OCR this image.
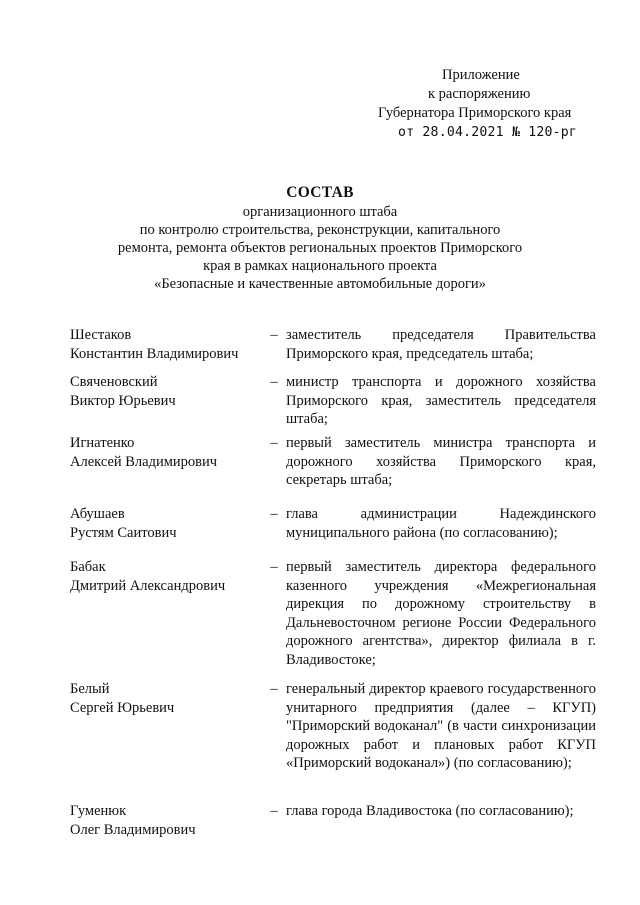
Приложение
к распоряжению
Губернатора Приморского края
от 28.04.2021 № 120-рг
СОСТАВ
организационного штаба
по контролю строительства, реконструкции, капитального
ремонта, ремонта объектов региональных проектов Приморского
края в рамках национального проекта
«Безопасные и качественные автомобильные дороги»
Шестаков
Константин Владимирович
– заместитель председателя Правительства Приморского края, председатель штаба;
Свяченовский
Виктор Юрьевич
– министр транспорта и дорожного хозяйства Приморского края, заместитель председателя штаба;
Игнатенко
Алексей Владимирович
– первый заместитель министра транспорта и дорожного хозяйства Приморского края, секретарь штаба;
Абушаев
Рустям Саитович
– глава администрации Надеждинского муниципального района (по согласованию);
Бабак
Дмитрий Александрович
– первый заместитель директора федерального казенного учреждения «Межрегиональная дирекция по дорожному строительству в Дальневосточном регионе России Федерального дорожного агентства», директор филиала в г. Владивостоке;
Белый
Сергей Юрьевич
– генеральный директор краевого государственного унитарного предприятия (далее – КГУП) "Приморский водоканал" (в части синхронизации дорожных работ и плановых работ КГУП «Приморский водоканал») (по согласованию);
Гуменюк
Олег Владимирович
– глава города Владивостока (по согласованию);
